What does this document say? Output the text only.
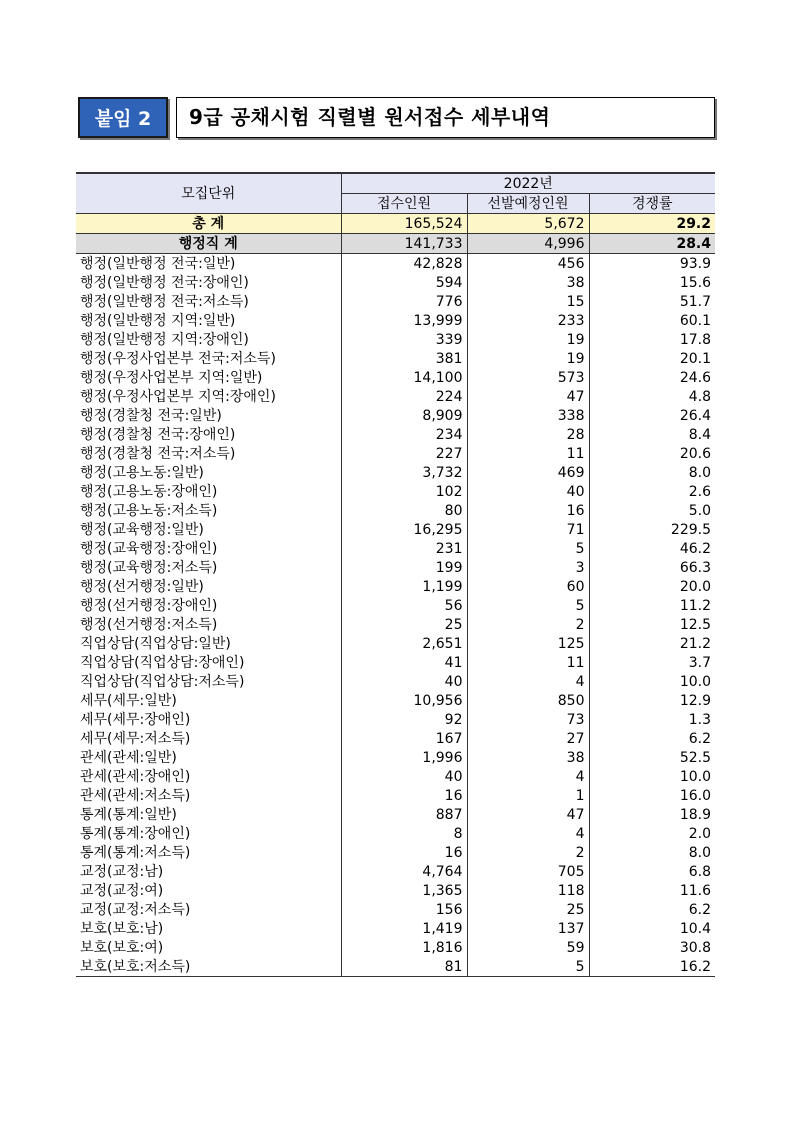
붙임 2	9급 공채시험 직렬별 원서접수 세부내역
모집단위	2022년		
	접수인원	선발예정인원	경쟁률
총 계	165,524	5,672	29.2
행정직 계	141,733	4,996	28.4
행정(일반행정 전국:일반)	42,828	456	93.9
행정(일반행정 전국:장애인)	594	38	15.6
행정(일반행정 전국:저소득)	776	15	51.7
행정(일반행정 지역:일반)	13,999	233	60.1
행정(일반행정 지역:장애인)	339	19	17.8
행정(우정사업본부 전국:저소득)	381	19	20.1
행정(우정사업본부 지역:일반)	14,100	573	24.6
행정(우정사업본부 지역:장애인)	224	47	4.8
행정(경찰청 전국:일반)	8,909	338	26.4
행정(경찰청 전국:장애인)	234	28	8.4
행정(경찰청 전국:저소득)	227	11	20.6
행정(고용노동:일반)	3,732	469	8.0
행정(고용노동:장애인)	102	40	2.6
행정(고용노동:저소득)	80	16	5.0
행정(교육행정:일반)	16,295	71	229.5
행정(교육행정:장애인)	231	5	46.2
행정(교육행정:저소득)	199	3	66.3
행정(선거행정:일반)	1,199	60	20.0
행정(선거행정:장애인)	56	5	11.2
행정(선거행정:저소득)	25	2	12.5
직업상담(직업상담:일반)	2,651	125	21.2
직업상담(직업상담:장애인)	41	11	3.7
직업상담(직업상담:저소득)	40	4	10.0
세무(세무:일반)	10,956	850	12.9
세무(세무:장애인)	92	73	1.3
세무(세무:저소득)	167	27	6.2
관세(관세:일반)	1,996	38	52.5
관세(관세:장애인)	40	4	10.0
관세(관세:저소득)	16	1	16.0
통계(통계:일반)	887	47	18.9
통계(통계:장애인)	8	4	2.0
통계(통계:저소득)	16	2	8.0
교정(교정:남)	4,764	705	6.8
교정(교정:여)	1,365	118	11.6
교정(교정:저소득)	156	25	6.2
보호(보호:남)	1,419	137	10.4
보호(보호:여)	1,816	59	30.8
보호(보호:저소득)	81	5	16.2
